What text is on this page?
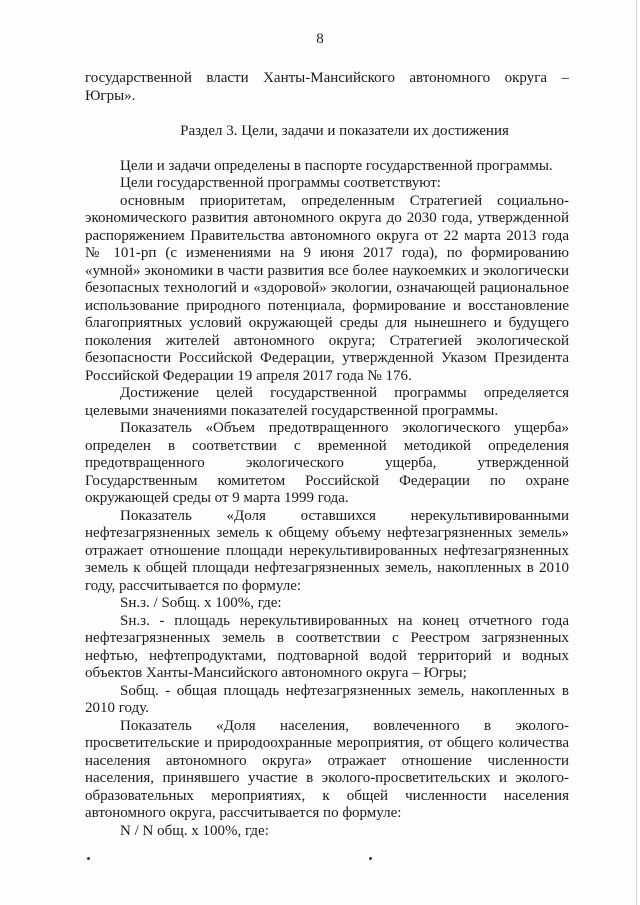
8
государственной власти Ханты-Мансийского автономного округа –
Югры».
Раздел 3. Цели, задачи и показатели их достижения
Цели и задачи определены в паспорте государственной программы.
Цели государственной программы соответствуют:
основным приоритетам, определенным Стратегией социально-
экономического развития автономного округа до 2030 года, утвержденной
распоряжением Правительства автономного округа от 22 марта 2013 года
№ 101-рп (с изменениями на 9 июня 2017 года), по формированию
«умной» экономики в части развития все более наукоемких и экологически
безопасных технологий и «здоровой» экологии, означающей рациональное
использование природного потенциала, формирование и восстановление
благоприятных условий окружающей среды для нынешнего и будущего
поколения жителей автономного округа; Стратегией экологической
безопасности Российской Федерации, утвержденной Указом Президента
Российской Федерации 19 апреля 2017 года № 176.
Достижение целей государственной программы определяется
целевыми значениями показателей государственной программы.
Показатель «Объем предотвращенного экологического ущерба»
определен в соответствии с временной методикой определения
предотвращенного экологического ущерба, утвержденной
Государственным комитетом Российской Федерации по охране
окружающей среды от 9 марта 1999 года.
Показатель «Доля оставшихся нерекультивированными
нефтезагрязненных земель к общему объему нефтезагрязненных земель»
отражает отношение площади нерекультивированных нефтезагрязненных
земель к общей площади нефтезагрязненных земель, накопленных в 2010
году, рассчитывается по формуле:
Sн.з. / Sобщ. х 100%, где:
Sн.з. - площадь нерекультивированных на конец отчетного года
нефтезагрязненных земель в соответствии с Реестром загрязненных
нефтью, нефтепродуктами, подтоварной водой территорий и водных
объектов Ханты-Мансийского автономного округа – Югры;
Sобщ. - общая площадь нефтезагрязненных земель, накопленных в
2010 году.
Показатель «Доля населения, вовлеченного в эколого-
просветительские и природоохранные мероприятия, от общего количества
населения автономного округа» отражает отношение численности
населения, принявшего участие в эколого-просветительских и эколого-
образовательных мероприятиях, к общей численности населения
автономного округа, рассчитывается по формуле:
N / N общ. х 100%, где:
